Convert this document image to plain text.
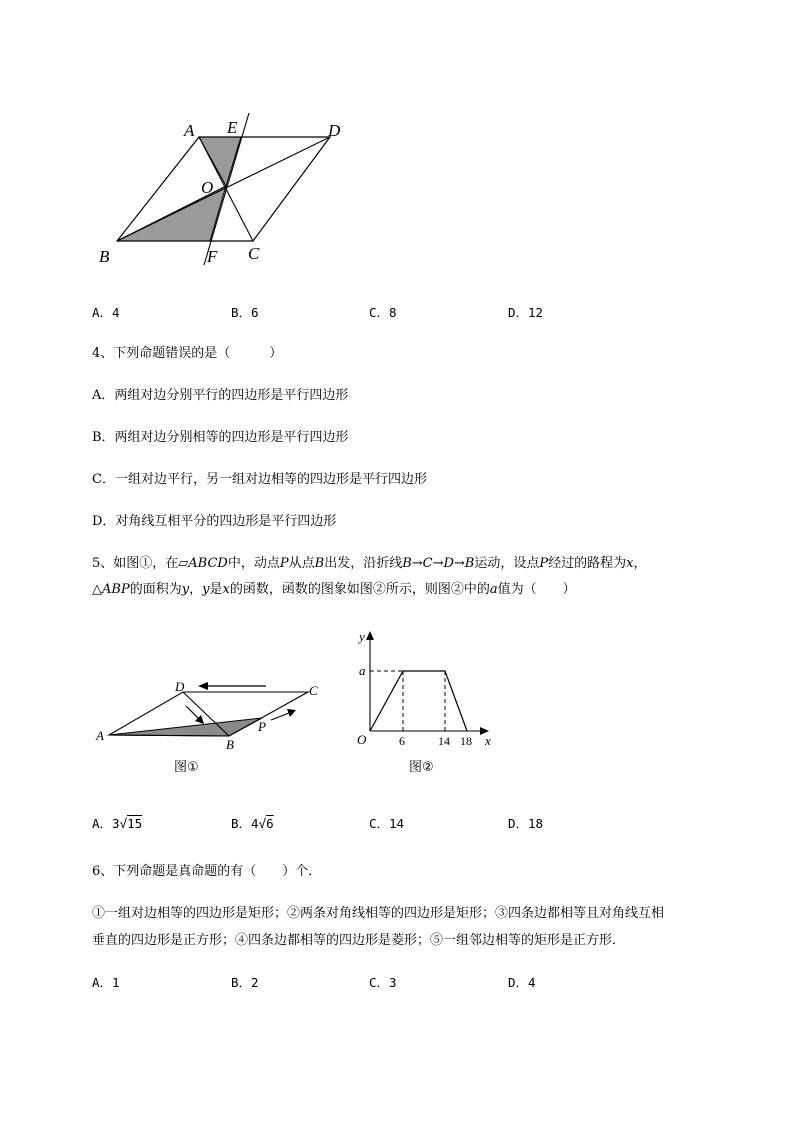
A E	D
O
B	F C
A．4	B．6	C．8	D．12
4、下列命题错误的是（　　　）
A．两组对边分别平行的四边形是平行四边形
B．两组对边分别相等的四边形是平行四边形
C．一组对边平行，另一组对边相等的四边形是平行四边形
D．对角线互相平分的四边形是平行四边形
5、如图①，在▱ABCD中，动点P从点B出发，沿折线B→C→D→B运动，设点P经过的路程为x，
△ABP的面积为y，y是x的函数，函数的图象如图②所示，则图②中的a值为（　　）
D	C
A
B
P
图①
y
x
O
a
6	14 18
图②
A．3√15	B．4√6	C．14	D．18
6、下列命题是真命题的有（　　）个．
①一组对边相等的四边形是矩形；②两条对角线相等的四边形是矩形；③四条边都相等且对角线互相
垂直的四边形是正方形；④四条边都相等的四边形是菱形；⑤一组邻边相等的矩形是正方形．
A．1	B．2	C．3	D．4
